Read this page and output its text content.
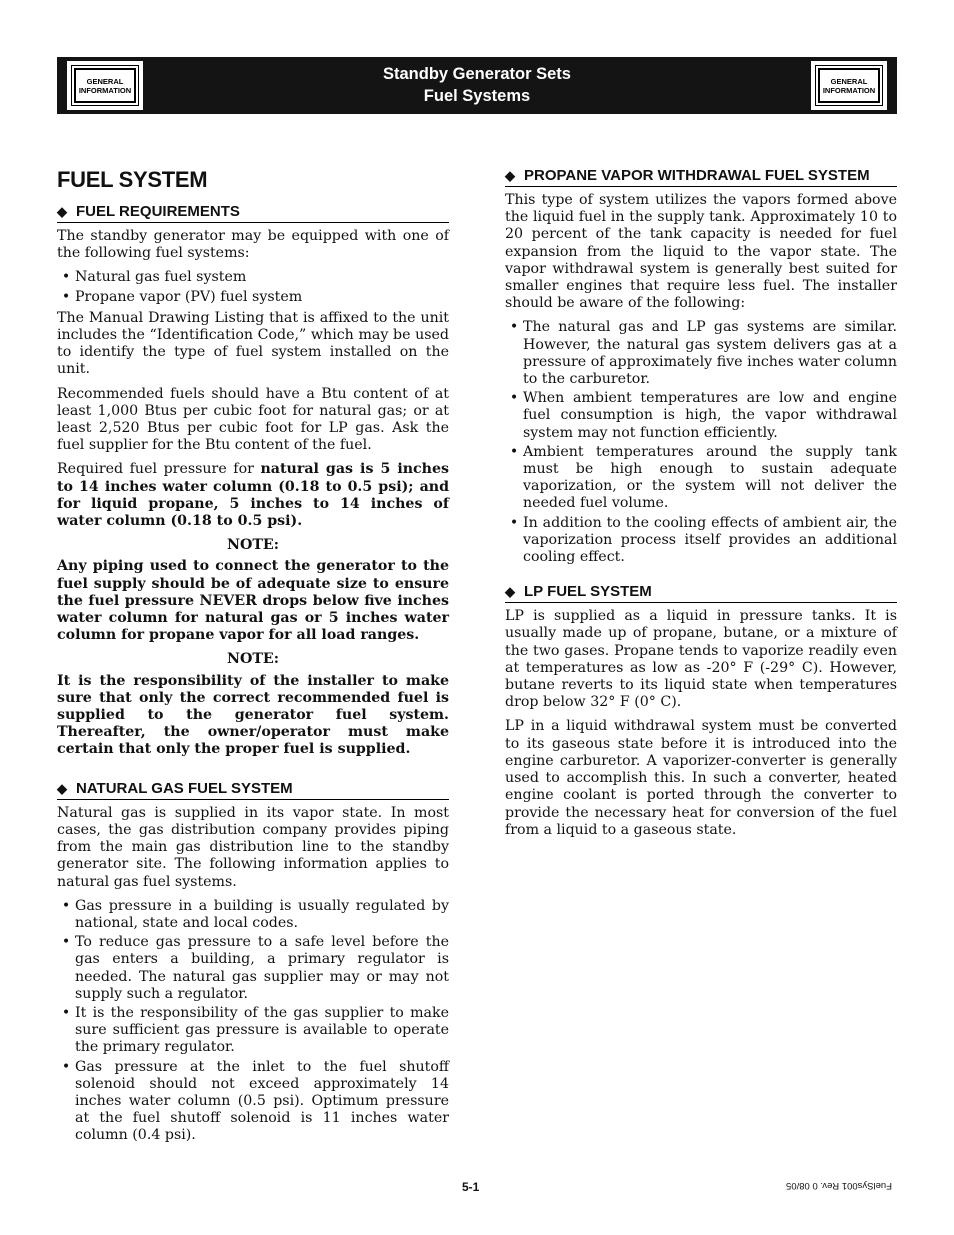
GENERAL
INFORMATION
Standby Generator Sets
Fuel Systems
GENERAL
INFORMATION
FUEL SYSTEM
◆ FUEL REQUIREMENTS

The standby generator may be equipped with one of the following fuel systems:

• Natural gas fuel system
• Propane vapor (PV) fuel system

The Manual Drawing Listing that is affixed to the unit includes the “Identification Code,” which may be used to identify the type of fuel system installed on the unit.

Recommended fuels should have a Btu content of at least 1,000 Btus per cubic foot for natural gas; or at least 2,520 Btus per cubic foot for LP gas. Ask the fuel supplier for the Btu content of the fuel.

Required fuel pressure for natural gas is 5 inches to 14 inches water column (0.18 to 0.5 psi); and for liquid propane, 5 inches to 14 inches of water column (0.18 to 0.5 psi).

NOTE:

Any piping used to connect the generator to the fuel supply should be of adequate size to ensure the fuel pressure NEVER drops below five inches water column for natural gas or 5 inches water column for propane vapor for all load ranges.

NOTE:

It is the responsibility of the installer to make sure that only the correct recommended fuel is supplied to the generator fuel system. Thereafter, the owner/operator must make certain that only the proper fuel is supplied.

◆ NATURAL GAS FUEL SYSTEM

Natural gas is supplied in its vapor state. In most cases, the gas distribution company provides piping from the main gas distribution line to the standby generator site. The following information applies to natural gas fuel systems.

• Gas pressure in a building is usually regulated by national, state and local codes.
• To reduce gas pressure to a safe level before the gas enters a building, a primary regulator is needed. The natural gas supplier may or may not supply such a regulator.
• It is the responsibility of the gas supplier to make sure sufficient gas pressure is available to operate the primary regulator.
• Gas pressure at the inlet to the fuel shutoff solenoid should not exceed approximately 14 inches water column (0.5 psi). Optimum pressure at the fuel shutoff solenoid is 11 inches water column (0.4 psi).
◆ PROPANE VAPOR WITHDRAWAL FUEL SYSTEM

This type of system utilizes the vapors formed above the liquid fuel in the supply tank. Approximately 10 to 20 percent of the tank capacity is needed for fuel expansion from the liquid to the vapor state. The vapor withdrawal system is generally best suited for smaller engines that require less fuel. The installer should be aware of the following:

• The natural gas and LP gas systems are similar. However, the natural gas system delivers gas at a pressure of approximately five inches water column to the carburetor.
• When ambient temperatures are low and engine fuel consumption is high, the vapor withdrawal system may not function efficiently.
• Ambient temperatures around the supply tank must be high enough to sustain adequate vaporization, or the system will not deliver the needed fuel volume.
• In addition to the cooling effects of ambient air, the vaporization process itself provides an additional cooling effect.
◆ LP FUEL SYSTEM

LP is supplied as a liquid in pressure tanks. It is usually made up of propane, butane, or a mixture of the two gases. Propane tends to vaporize readily even at temperatures as low as -20° F (-29° C). However, butane reverts to its liquid state when temperatures drop below 32° F (0° C).

LP in a liquid withdrawal system must be converted to its gaseous state before it is introduced into the engine carburetor. A vaporizer-converter is generally used to accomplish this. In such a converter, heated engine coolant is ported through the converter to provide the necessary heat for conversion of the fuel from a liquid to a gaseous state.

5-1	FuelSys001 Rev. 0 08/05
